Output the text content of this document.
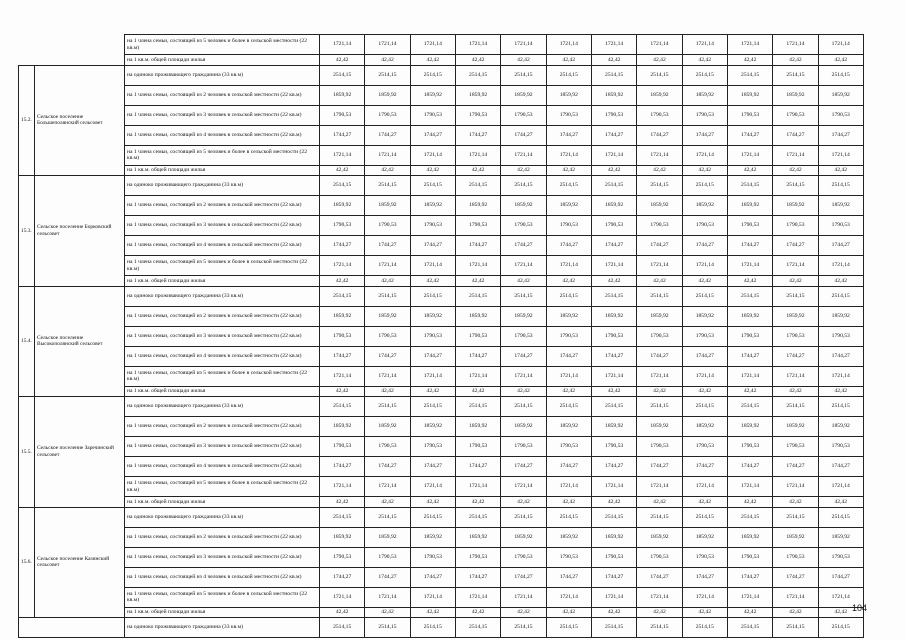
		на 1 члена семьи, состоящей из 5 человек и более в сельской местности (22 кв.м)	1721,14	1721,14	1721,14	1721,14	1721,14	1721,14	1721,14	1721,14	1721,14	1721,14	1721,14	1721,14
		на 1 кв.м. общей площади жилья	42,42	42,42	42,42	42,42	42,42	42,42	42,42	42,42	42,42	42,42	42,42	42,42
15.2.	Сельское поселение Большеполянский сельсовет	на одиноко проживающего гражданина (33 кв.м)	2514,15	2514,15	2514,15	2514,15	2514,15	2514,15	2514,15	2514,15	2514,15	2514,15	2514,15	2514,15
		на 1 члена семьи, состоящей из 2 человек в сельской местности (22 кв.м)	1859,92	1859,92	1859,92	1859,92	1859,92	1859,92	1859,92	1859,92	1859,92	1859,92	1859,92	1859,92
		на 1 члена семьи, состоящей из 3 человек в сельской местности (22 кв.м)	1790,53	1790,53	1790,53	1790,53	1790,53	1790,53	1790,53	1790,53	1790,53	1790,53	1790,53	1790,53
		на 1 члена семьи, состоящей из 4 человек в сельской местности (22 кв.м)	1744,27	1744,27	1744,27	1744,27	1744,27	1744,27	1744,27	1744,27	1744,27	1744,27	1744,27	1744,27
		на 1 члена семьи, состоящей из 5 человек и более в сельской местности (22 кв.м)	1721,14	1721,14	1721,14	1721,14	1721,14	1721,14	1721,14	1721,14	1721,14	1721,14	1721,14	1721,14
		на 1 кв.м. общей площади жилья	42,42	42,42	42,42	42,42	42,42	42,42	42,42	42,42	42,42	42,42	42,42	42,42
15.3.	Сельское поселение Борковский сельсовет	на одиноко проживающего гражданина (33 кв.м)	2514,15	2514,15	2514,15	2514,15	2514,15	2514,15	2514,15	2514,15	2514,15	2514,15	2514,15	2514,15
		на 1 члена семьи, состоящей из 2 человек в сельской местности (22 кв.м)	1859,92	1859,92	1859,92	1859,92	1859,92	1859,92	1859,92	1859,92	1859,92	1859,92	1859,92	1859,92
		на 1 члена семьи, состоящей из 3 человек в сельской местности (22 кв.м)	1790,53	1790,53	1790,53	1790,53	1790,53	1790,53	1790,53	1790,53	1790,53	1790,53	1790,53	1790,53
		на 1 члена семьи, состоящей из 4 человек в сельской местности (22 кв.м)	1744,27	1744,27	1744,27	1744,27	1744,27	1744,27	1744,27	1744,27	1744,27	1744,27	1744,27	1744,27
		на 1 члена семьи, состоящей из 5 человек и более в сельской местности (22 кв.м)	1721,14	1721,14	1721,14	1721,14	1721,14	1721,14	1721,14	1721,14	1721,14	1721,14	1721,14	1721,14
		на 1 кв.м. общей площади жилья	42,42	42,42	42,42	42,42	42,42	42,42	42,42	42,42	42,42	42,42	42,42	42,42
15.4.	Сельское поселение Высокополянский сельсовет	на одиноко проживающего гражданина (33 кв.м)	2514,15	2514,15	2514,15	2514,15	2514,15	2514,15	2514,15	2514,15	2514,15	2514,15	2514,15	2514,15
		на 1 члена семьи, состоящей из 2 человек в сельской местности (22 кв.м)	1859,92	1859,92	1859,92	1859,92	1859,92	1859,92	1859,92	1859,92	1859,92	1859,92	1859,92	1859,92
		на 1 члена семьи, состоящей из 3 человек в сельской местности (22 кв.м)	1790,53	1790,53	1790,53	1790,53	1790,53	1790,53	1790,53	1790,53	1790,53	1790,53	1790,53	1790,53
		на 1 члена семьи, состоящей из 4 человек в сельской местности (22 кв.м)	1744,27	1744,27	1744,27	1744,27	1744,27	1744,27	1744,27	1744,27	1744,27	1744,27	1744,27	1744,27
		на 1 члена семьи, состоящей из 5 человек и более в сельской местности (22 кв.м)	1721,14	1721,14	1721,14	1721,14	1721,14	1721,14	1721,14	1721,14	1721,14	1721,14	1721,14	1721,14
		на 1 кв.м. общей площади жилья	42,42	42,42	42,42	42,42	42,42	42,42	42,42	42,42	42,42	42,42	42,42	42,42
15.5.	Сельское поселение Заречинский сельсовет	на одиноко проживающего гражданина (33 кв.м)	2514,15	2514,15	2514,15	2514,15	2514,15	2514,15	2514,15	2514,15	2514,15	2514,15	2514,15	2514,15
		на 1 члена семьи, состоящей из 2 человек в сельской местности (22 кв.м)	1859,92	1859,92	1859,92	1859,92	1859,92	1859,92	1859,92	1859,92	1859,92	1859,92	1859,92	1859,92
		на 1 члена семьи, состоящей из 3 человек в сельской местности (22 кв.м)	1790,53	1790,53	1790,53	1790,53	1790,53	1790,53	1790,53	1790,53	1790,53	1790,53	1790,53	1790,53
		на 1 члена семьи, состоящей из 4 человек в сельской местности (22 кв.м)	1744,27	1744,27	1744,27	1744,27	1744,27	1744,27	1744,27	1744,27	1744,27	1744,27	1744,27	1744,27
		на 1 члена семьи, состоящей из 5 человек и более в сельской местности (22 кв.м)	1721,14	1721,14	1721,14	1721,14	1721,14	1721,14	1721,14	1721,14	1721,14	1721,14	1721,14	1721,14
		на 1 кв.м. общей площади жилья	42,42	42,42	42,42	42,42	42,42	42,42	42,42	42,42	42,42	42,42	42,42	42,42
15.6.	Сельское поселение Казинский сельсовет	на одиноко проживающего гражданина (33 кв.м)	2514,15	2514,15	2514,15	2514,15	2514,15	2514,15	2514,15	2514,15	2514,15	2514,15	2514,15	2514,15
		на 1 члена семьи, состоящей из 2 человек в сельской местности (22 кв.м)	1859,92	1859,92	1859,92	1859,92	1859,92	1859,92	1859,92	1859,92	1859,92	1859,92	1859,92	1859,92
		на 1 члена семьи, состоящей из 3 человек в сельской местности (22 кв.м)	1790,53	1790,53	1790,53	1790,53	1790,53	1790,53	1790,53	1790,53	1790,53	1790,53	1790,53	1790,53
		на 1 члена семьи, состоящей из 4 человек в сельской местности (22 кв.м)	1744,27	1744,27	1744,27	1744,27	1744,27	1744,27	1744,27	1744,27	1744,27	1744,27	1744,27	1744,27
		на 1 члена семьи, состоящей из 5 человек и более в сельской местности (22 кв.м)	1721,14	1721,14	1721,14	1721,14	1721,14	1721,14	1721,14	1721,14	1721,14	1721,14	1721,14	1721,14
		на 1 кв.м. общей площади жилья	42,42	42,42	42,42	42,42	42,42	42,42	42,42	42,42	42,42	42,42	42,42	42,42
		на одиноко проживающего гражданина (33 кв.м)	2514,15	2514,15	2514,15	2514,15	2514,15	2514,15	2514,15	2514,15	2514,15	2514,15	2514,15	2514,15
104
